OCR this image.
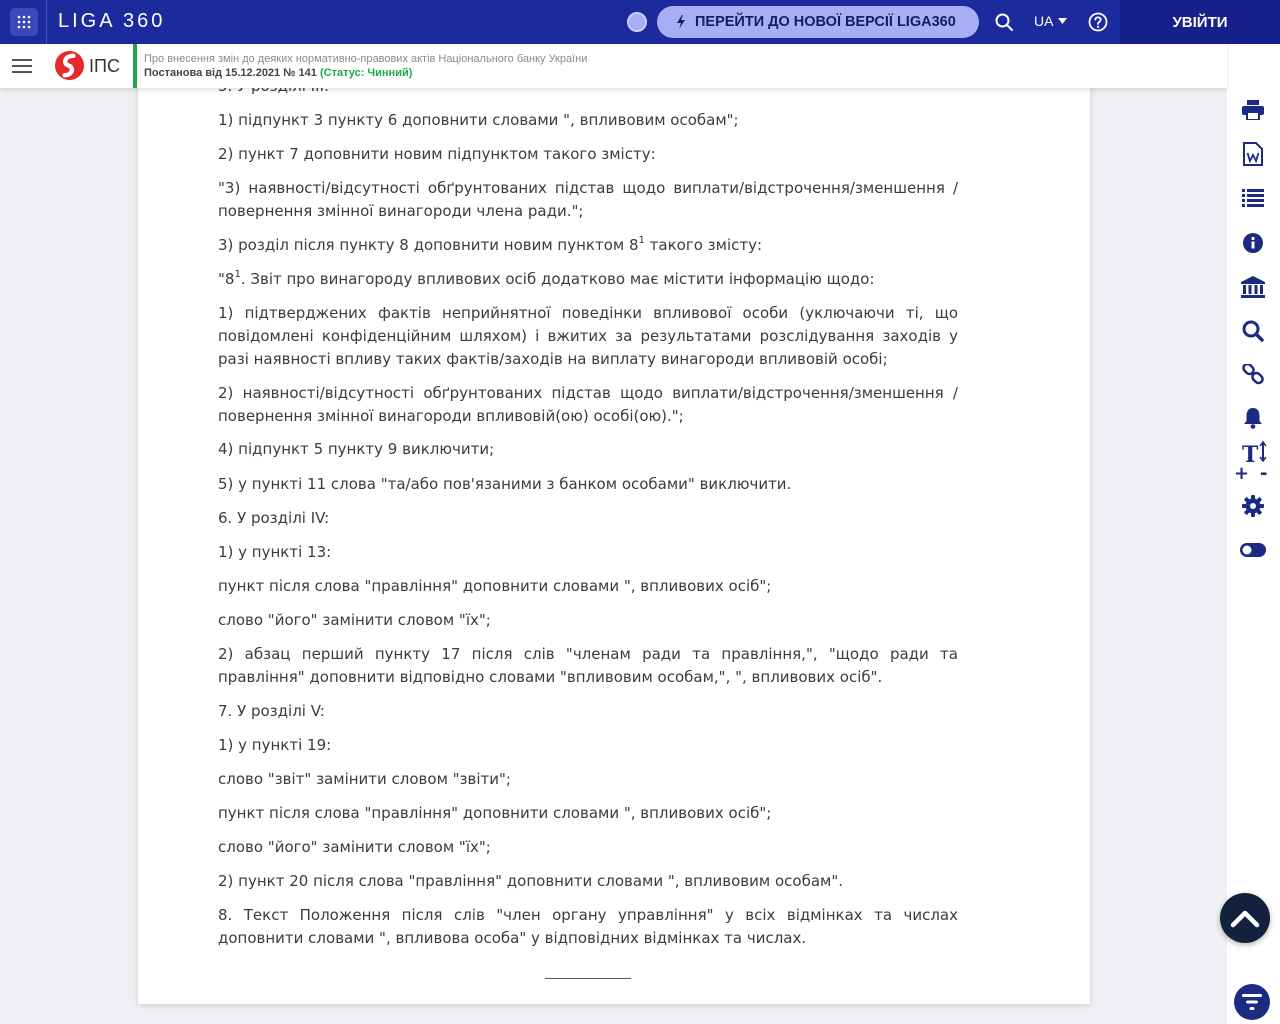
LIGA 360	ПЕРЕЙТИ ДО НОВОЇ ВЕРСІЇ LIGA360	UA	УВІЙТИ
ІПС Про внесення змін до деяких нормативно-правових актів Національного банку України
Постанова від 15.12.2021 № 141 (Статус: Чинний)

1) підпункт 3 пункту 6 доповнити словами ", впливовим особам";

2) пункт 7 доповнити новим підпунктом такого змісту:

"3) наявності/відсутності обґрунтованих підстав щодо виплати/відстрочення/зменшення /повернення змінної винагороди члена ради.";

3) розділ після пункту 8 доповнити новим пунктом $8^1$ такого змісту:

"$8^1$. Звіт про винагороду впливових осіб додатково має містити інформацію щодо:

1) підтверджених фактів неприйнятної поведінки впливової особи (уключаючи ті, що повідомлені конфіденційним шляхом) і вжитих за результатами розслідування заходів у разі наявності впливу таких фактів/заходів на виплату винагороди впливовій особі;

2) наявності/відсутності обґрунтованих підстав щодо виплати/відстрочення/зменшення /повернення змінної винагороди впливовій(ою) особі(ою).";

4) підпункт 5 пункту 9 виключити;

5) у пункті 11 слова "та/або пов'язаними з банком особами" виключити.

6. У розділі IV:

1) у пункті 13:

пункт після слова "правління" доповнити словами ", впливових осіб";

слово "його" замінити словом "їх";

2) абзац перший пункту 17 після слів "членам ради та правління,", "щодо ради та правління" доповнити відповідно словами "впливовим особам,", ", впливових осіб".

7. У розділі V:

1) у пункті 19:

слово "звіт" замінити словом "звіти";

пункт після слова "правління" доповнити словами ", впливових осіб";

слово "його" замінити словом "їх";

2) пункт 20 після слова "правління" доповнити словами ", впливовим особам".

8. Текст Положення після слів "член органу управління" у всіх відмінках та числах доповнити словами ", впливова особа" у відповідних відмінках та числах.

T
+ -
